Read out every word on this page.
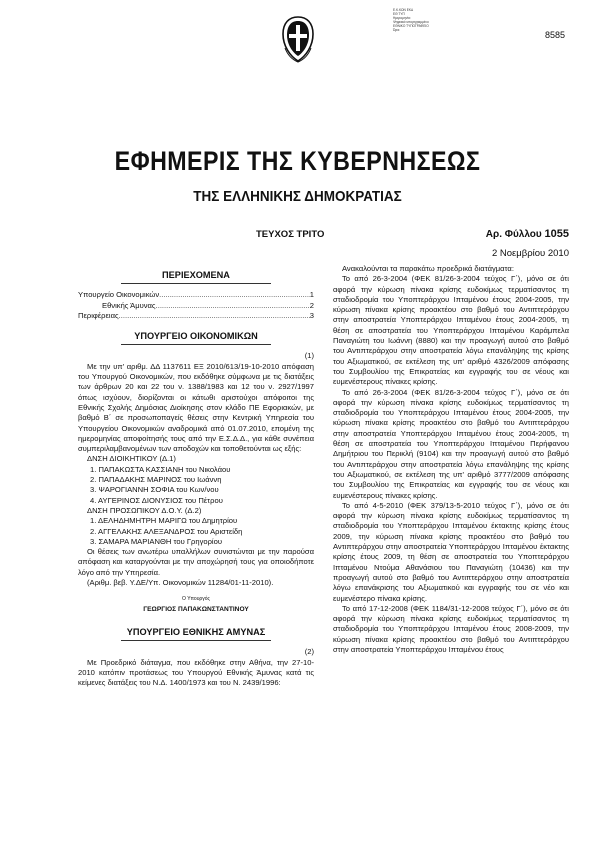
Ε.Κ.ΚΩΝ ΕΚΔ
ΕΘ ΤΥΠ
Ημερομηνία:
Ψηφιακά υπογεγραμμένο
ΕΘΝΙΚΟ ΤΥΠΟΓΡΑΦΕΙΟ
Ώρα:	8585
ΕΦΗΜΕΡΙΣ ΤΗΣ ΚΥΒΕΡΝΗΣΕΩΣ
ΤΗΣ ΕΛΛΗΝΙΚΗΣ ΔΗΜΟΚΡΑΤΙΑΣ
ΤΕΥΧΟΣ ΤΡΙΤΟ	Αρ. Φύλλου 1055
2 Νοεμβρίου 2010
ΠΕΡΙΕΧΟΜΕΝΑ
Υπουργείο Οικονομικών .....	1
Εθνικής Άμυνας .....	2
Περιφέρειας .....	3
ΥΠΟΥΡΓΕΙΟ ΟΙΚΟΝΟΜΙΚΩΝ
(1)

Με την υπ' αριθμ. ΔΔ 1137611 ΕΞ 2010/613/19-10-2010 απόφαση του Υπουργού Οικονομικών, που εκδόθηκε σύμφωνα με τις διατάξεις των άρθρων 20 και 22 του ν. 1388/1983 και 12 του ν. 2927/1997 όπως ισχύουν, διορίζονται οι κάτωθι αριστούχοι απόφοιτοι της Εθνικής Σχολής Δημόσιας Διοίκησης στον κλάδο ΠΕ Εφοριακών, με βαθμό Β΄ σε προσωποπαγείς θέσεις στην Κεντρική Υπηρεσία του Υπουργείου Οικονομικών αναδρομικά από 01.07.2010, επομένη της ημερομηνίας αποφοίτησής τους από την Ε.Σ.Δ.Δ., για κάθε συνέπεια συμπεριλαμβανομένων των αποδοχών και τοποθετούνται ως εξής:

ΔΝΣΗ ΔΙΟΙΚΗΤΙΚΟΥ (Δ.1)

1. ΠΑΠΑΚΩΣΤΑ ΚΑΣΣΙΑΝΗ του Νικολάου
2. ΠΑΠΑΔΑΚΗΣ ΜΑΡΙΝΟΣ του Ιωάννη
3. ΨΑΡΟΓΙΑΝΝΗ ΣΟΦΙΑ του Κων/νου
4. ΑΥΓΕΡΙΝΟΣ ΔΙΟΝΥΣΙΟΣ του Πέτρου

ΔΝΣΗ ΠΡΟΣΩΠΙΚΟΥ Δ.Ο.Υ. (Δ.2)

1. ΔΕΛΗΔΗΜΗΤΡΗ ΜΑΡΙΓΩ του Δημητρίου
2. ΑΓΓΕΛΑΚΗΣ ΑΛΕΞΑΝΔΡΟΣ του Αριστείδη
3. ΣΑΜΑΡΑ ΜΑΡΙΑΝΘΗ του Γρηγορίου

Οι θέσεις των ανωτέρω υπαλλήλων συνιστώνται με την παρούσα απόφαση και καταργούνται με την αποχώρησή τους για οποιοδήποτε λόγο από την Υπηρεσία.

(Αριθμ. βεβ. Υ.ΔΕ/Υπ. Οικονομικών 11284/01-11-2010).

Ο Υπουργός
ΓΕΩΡΓΙΟΣ ΠΑΠΑΚΩΝΣΤΑΝΤΙΝΟΥ
ΥΠΟΥΡΓΕΙΟ ΕΘΝΙΚΗΣ ΑΜΥΝΑΣ
(2)

Με Προεδρικό διάταγμα, που εκδόθηκε στην Αθήνα, την 27-10-2010 κατόπιν προτάσεως του Υπουργού Εθνικής Άμυνας κατά τις κείμενες διατάξεις του Ν.Δ. 1400/1973 και του Ν. 2439/1996:

Ανακαλούνται τα παρακάτω προεδρικά διατάγματα:

Το από 26-3-2004 (ΦΕΚ 81/26-3-2004 τεύχος Γ΄), μόνο σε ότι αφορά την κύρωση πίνακα κρίσης ευδοκίμως τερματίσαντος τη σταδιοδρομία του Υποπτεράρχου Ιπταμένου έτους 2004-2005, την κύρωση πίνακα κρίσης προακτέου στο βαθμό του Αντιπτεράρχου στην αποστρατεία Υποπτεράρχου Ιπταμένου έτους 2004-2005, τη θέση σε αποστρατεία του Υποπτεράρχου Ιπταμένου Καράμπελα Παναγιώτη του Ιωάννη (8880) και την προαγωγή αυτού στο βαθμό του Αντιπτεράρχου στην αποστρατεία λόγω επανάληψης της κρίσης του Αξιωματικού, σε εκτέλεση της υπ' αριθμό 4326/2009 απόφασης του Συμβουλίου της Επικρατείας και εγγραφής του σε νέους και ευμενέστερους πίνακες κρίσης.

Το από 26-3-2004 (ΦΕΚ 81/26-3-2004 τεύχος Γ΄), μόνο σε ότι αφορά την κύρωση πίνακα κρίσης ευδοκίμως τερματίσαντος τη σταδιοδρομία του Υποπτεράρχου Ιπταμένου έτους 2004-2005, την κύρωση πίνακα κρίσης προακτέου στο βαθμό του Αντιπτεράρχου στην αποστρατεία Υποπτεράρχου Ιπταμένου έτους 2004-2005, τη θέση σε αποστρατεία του Υποπτεράρχου Ιπταμένου Περήφανου Δημήτριου του Περικλή (9104) και την προαγωγή αυτού στο βαθμό του Αντιπτεράρχου στην αποστρατεία λόγω επανάληψης της κρίσης του Αξιωματικού, σε εκτέλεση της υπ' αριθμό 3777/2009 απόφασης του Συμβουλίου της Επικρατείας και εγγραφής του σε νέους και ευμενέστερους πίνακες κρίσης.

Το από 4-5-2010 (ΦΕΚ 379/13-5-2010 τεύχος Γ΄), μόνο σε ότι αφορά την κύρωση πίνακα κρίσης ευδοκίμως τερματίσαντος τη σταδιοδρομία του Υποπτεράρχου Ιπταμένου έκτακτης κρίσης έτους 2009, την κύρωση πίνακα κρίσης προακτέου στο βαθμό του Αντιπτεράρχου στην αποστρατεία Υποπτεράρχου Ιπταμένου έκτακτης κρίσης έτους 2009, τη θέση σε αποστρατεία του Υποπτεράρχου Ιπταμένου Ντούμα Αθανάσιου του Παναγιώτη (10436) και την προαγωγή αυτού στο βαθμό του Αντιπτεράρχου στην αποστρατεία λόγω επανάκρισης του Αξιωματικού και εγγραφής του σε νέο και ευμενέστερο πίνακα κρίσης.

Το από 17-12-2008 (ΦΕΚ 1184/31-12-2008 τεύχος Γ΄), μόνο σε ότι αφορά την κύρωση πίνακα κρίσης ευδοκίμως τερματίσαντος τη σταδιοδρομία του Υποπτεράρχου Ιπταμένου έτους 2008-2009, την κύρωση πίνακα κρίσης προακτέου στο βαθμό του Αντιπτεράρχου στην αποστρατεία Υποπτεράρχου Ιπταμένου έτους
